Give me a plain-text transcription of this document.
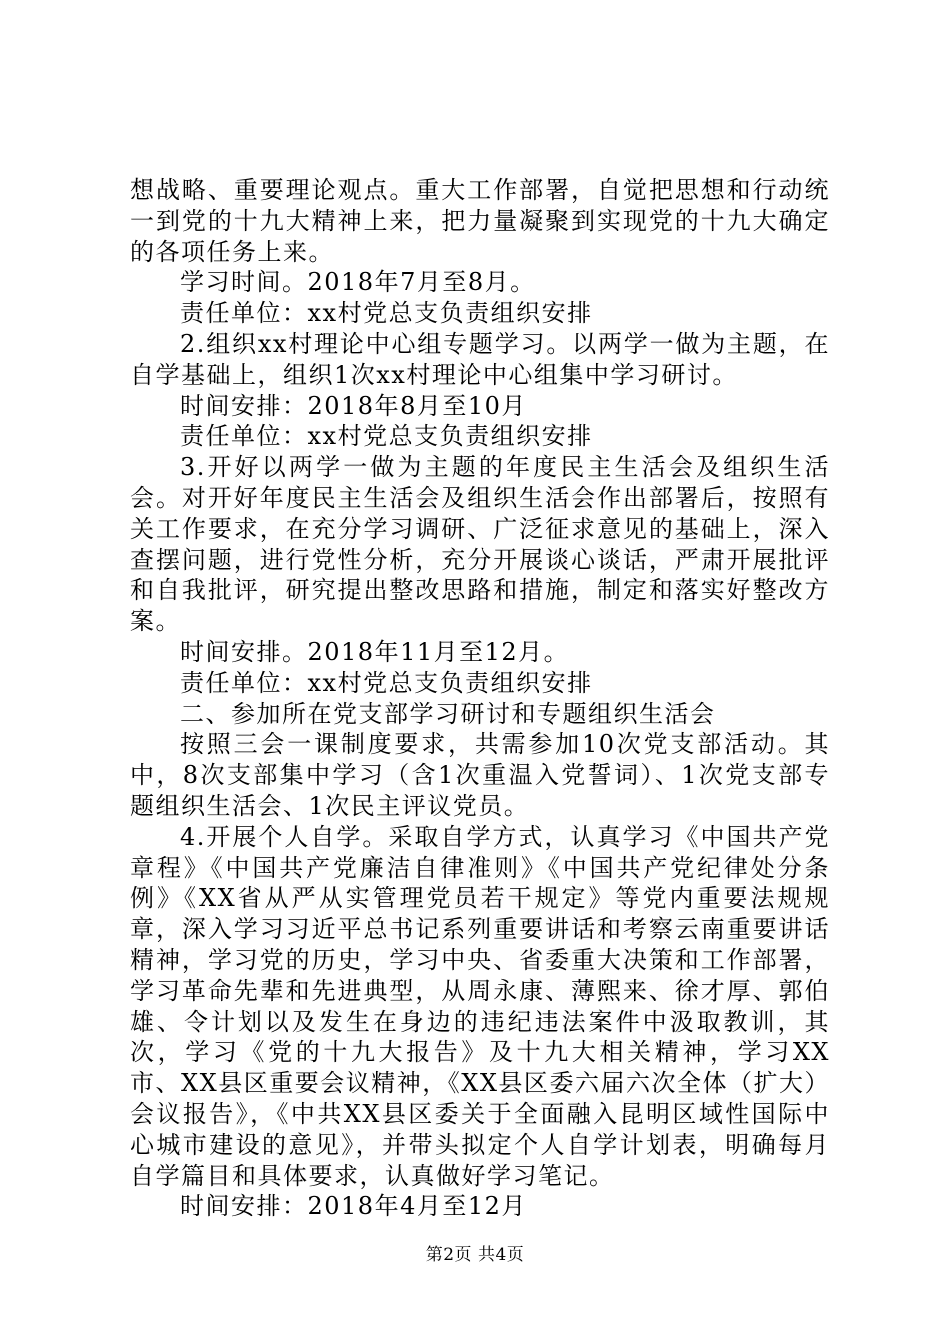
想战略、重要理论观点。重大工作部署，自觉把思想和行动统一到党的十九大精神上来，把力量凝聚到实现党的十九大确定的各项任务上来。

学习时间。2018年7月至8月。

责任单位：xx村党总支负责组织安排

2.组织xx村理论中心组专题学习。以两学一做为主题，在自学基础上，组织1次xx村理论中心组集中学习研讨。

时间安排：2018年8月至10月

责任单位：xx村党总支负责组织安排

3.开好以两学一做为主题的年度民主生活会及组织生活会。对开好年度民主生活会及组织生活会作出部署后，按照有关工作要求，在充分学习调研、广泛征求意见的基础上，深入查摆问题，进行党性分析，充分开展谈心谈话，严肃开展批评和自我批评，研究提出整改思路和措施，制定和落实好整改方案。

时间安排。2018年11月至12月。

责任单位：xx村党总支负责组织安排

二、参加所在党支部学习研讨和专题组织生活会

按照三会一课制度要求，共需参加10次党支部活动。其中，8次支部集中学习（含1次重温入党誓词）、1次党支部专题组织生活会、1次民主评议党员。

4.开展个人自学。采取自学方式，认真学习《中国共产党章程》《中国共产党廉洁自律准则》《中国共产党纪律处分条例》《XX省从严从实管理党员若干规定》等党内重要法规规章，深入学习习近平总书记系列重要讲话和考察云南重要讲话精神，学习党的历史，学习中央、省委重大决策和工作部署，学习革命先辈和先进典型，从周永康、薄熙来、徐才厚、郭伯雄、令计划以及发生在身边的违纪违法案件中汲取教训，其次，学习《党的十九大报告》及十九大相关精神，学习XX市、XX县区重要会议精神，《XX县区委六届六次全体（扩大）会议报告》，《中共XX县区委关于全面融入昆明区域性国际中心城市建设的意见》，并带头拟定个人自学计划表，明确每月自学篇目和具体要求，认真做好学习笔记。

时间安排：2018年4月至12月

第2页 共4页
